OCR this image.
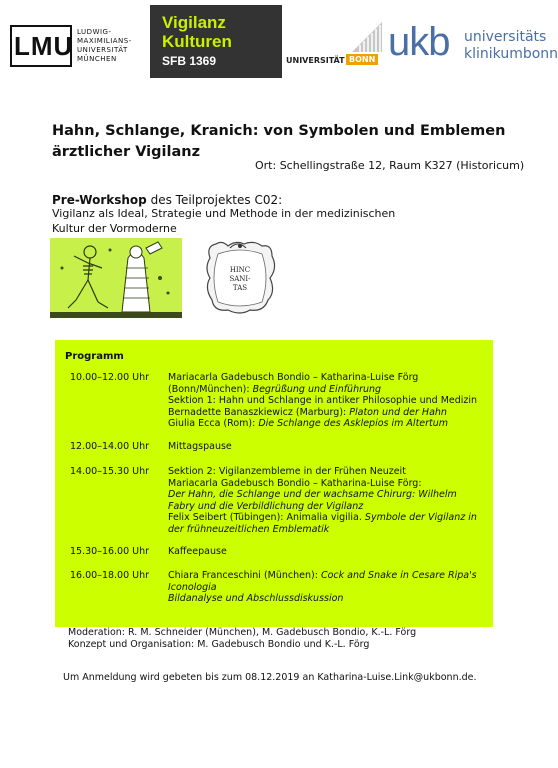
LMU LUDWIG-
MAXIMILIANS-
UNIVERSITÄT
MÜNCHEN
Vigilanz
Kulturen
SFB 1369	UNIVERSITÄT BONN ukb universitäts
klinikumbonn
Hahn, Schlange, Kranich: von Symbolen und Emblemen ärztlicher Vigilanz
Ort: Schellingstraße 12, Raum K327 (Historicum)
Pre-Workshop des Teilprojektes C02:
Vigilanz als Ideal, Strategie und Methode in der medizinischen
Kultur der Vormoderne
HINC
SANI-
TAS
Programm
10.00–12.00 Uhr Mariacarla Gadebusch Bondio – Katharina-Luise Förg
(Bonn/München): Begrüßung und Einführung
Sektion 1: Hahn und Schlange in antiker Philosophie und Medizin
Bernadette Banaszkiewicz (Marburg): Platon und der Hahn
Giulia Ecca (Rom): Die Schlange des Asklepios im Altertum
12.00–14.00 Uhr Mittagspause
14.00–15.30 Uhr Sektion 2: Vigilanzembleme in der Frühen Neuzeit
Mariacarla Gadebusch Bondio – Katharina-Luise Förg:
Der Hahn, die Schlange und der wachsame Chirurg: Wilhelm
Fabry und die Verbildlichung der Vigilanz
Felix Seibert (Tübingen): Animalia vigilia. Symbole der Vigilanz in
der frühneuzeitlichen Emblematik
15.30–16.00 Uhr Kaffeepause
16.00–18.00 Uhr Chiara Franceschini (München): Cock and Snake in Cesare Ripa's
Iconologia
Bildanalyse und Abschlussdiskussion
Moderation: R. M. Schneider (München), M. Gadebusch Bondio, K.-L. Förg
Konzept und Organisation: M. Gadebusch Bondio und K.-L. Förg
Um Anmeldung wird gebeten bis zum 08.12.2019 an Katharina-Luise.Link@ukbonn.de.
